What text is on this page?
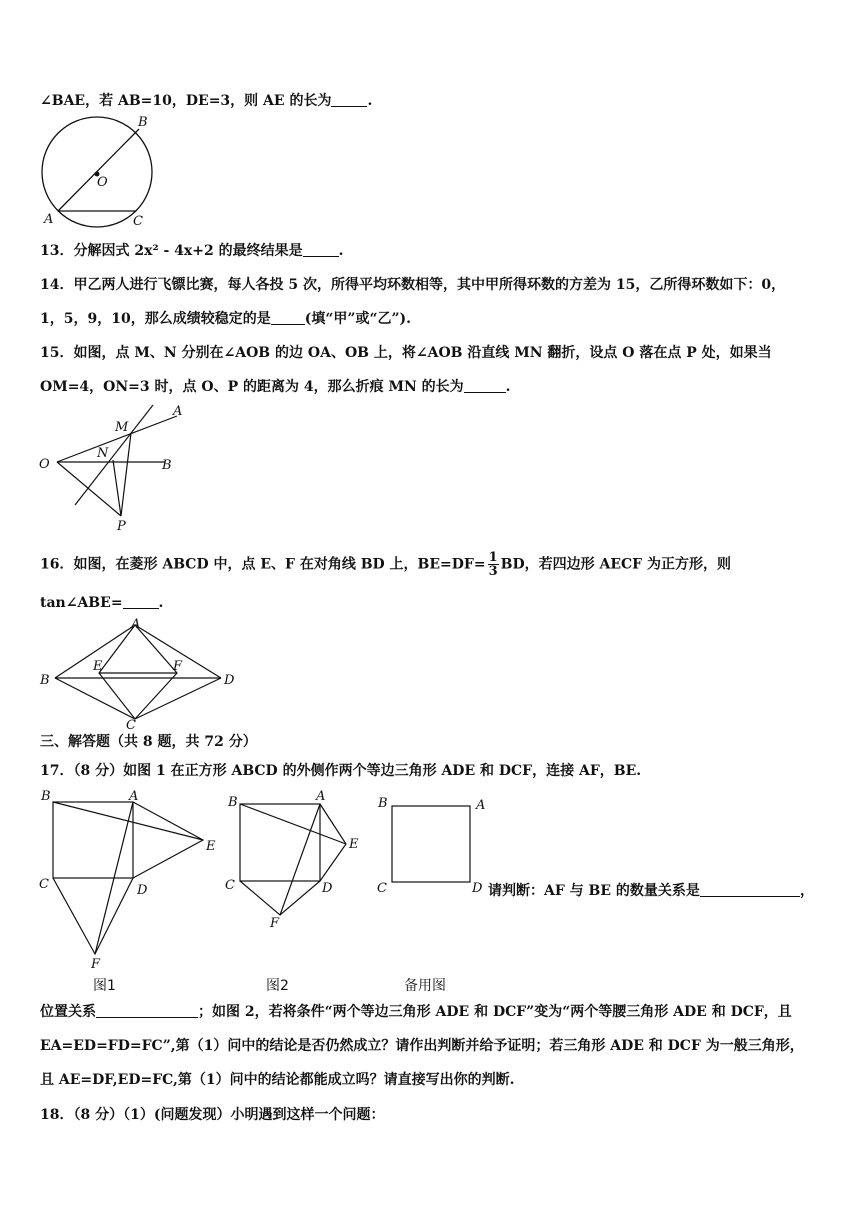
∠BAE，若 AB=10，DE=3，则 AE 的长为	.
B
O
A	C
13．分解因式 2x² - 4x+2 的最终结果是	.
14．甲乙两人进行飞镖比赛，每人各投 5 次，所得平均环数相等，其中甲所得环数的方差为 15，乙所得环数如下：0，
1，5，9，10，那么成绩较稳定的是 (填“甲”或“乙”).
15．如图，点 M、N 分别在∠AOB 的边 OA、OB 上，将∠AOB 沿直线 MN 翻折，设点 O 落在点 P 处，如果当
OM=4，ON=3 时，点 O、P 的距离为 4，那么折痕 MN 的长为	.
A
M
N
O	B
P
16．如图，在菱形 ABCD 中，点 E、F 在对角线 BD 上，$BE=DF= \frac{1}{3}$ BD，若四边形 AECF 为正方形，则
tan∠ABE=	.
A
B
E	F
D
C
三、解答题（共 8 题，共 72 分）
17．（8 分）如图 1 在正方形 ABCD 的外侧作两个等边三角形 ADE 和 DCF，连接 AF，BE.
B	A
E
C	D
F
图1
B	A
E
C	D
F
图2
B	A
C	D
备用图
请判断：AF 与 BE 的数量关系是	，
位置关系	；如图 2，若将条件“两个等边三角形 ADE 和 DCF”变为“两个等腰三角形 ADE 和 DCF，且
EA=ED=FD=FC”,第（1）问中的结论是否仍然成立？请作出判断并给予证明；若三角形 ADE 和 DCF 为一般三角形，
且 AE=DF,ED=FC,第（1）问中的结论都能成立吗？请直接写出你的判断.
18．（8 分）（1）(问题发现）小明遇到这样一个问题：
